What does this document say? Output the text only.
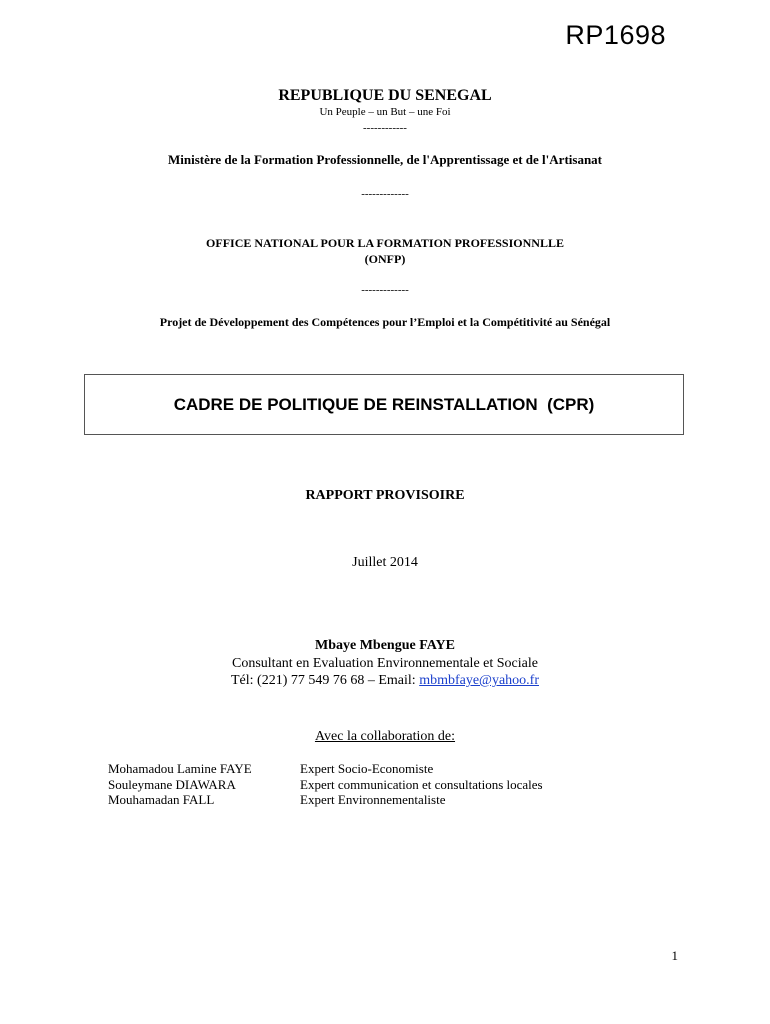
RP1698
REPUBLIQUE DU SENEGAL
Un Peuple – un But – une Foi
------------
Ministère de la Formation Professionnelle, de l'Apprentissage et de l'Artisanat
-------------
OFFICE NATIONAL POUR LA FORMATION PROFESSIONNLLE
(ONFP)
-------------
Projet de Développement des Compétences pour l’Emploi et la Compétitivité au Sénégal
CADRE DE POLITIQUE DE REINSTALLATION  (CPR)
RAPPORT PROVISOIRE
Juillet 2014
Mbaye Mbengue FAYE
Consultant en Evaluation Environnementale et Sociale
Tél: (221) 77 549 76 68 – Email: mbmbfaye@yahoo.fr
Avec la collaboration de:
Mohamadou Lamine FAYE	Expert Socio-Economiste
Souleymane DIAWARA	Expert communication et consultations locales
Mouhamadan FALL	Expert Environnementaliste
1
